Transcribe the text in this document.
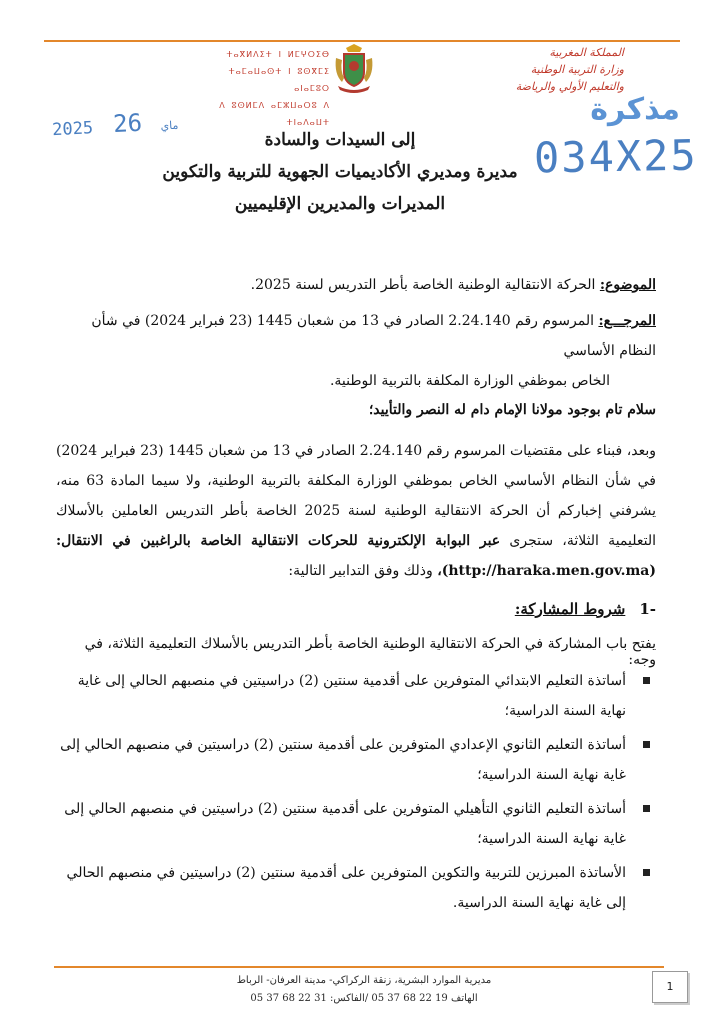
ⵜⴰⴳⵍⴷⵉⵜ ⵏ ⵍⵎⵖⵔⵉⴱ
ⵜⴰⵎⴰⵡⴰⵙⵜ ⵏ ⵓⵙⴳⵎⵉ ⴰⵏⴰⵎⵓⵔ
ⴷ ⵓⵙⵍⵎⴷ ⴰⵎⵣⵡⴰⵔⵓ ⴷ ⵜⵏⴰⴷⴰⵡⵜ
المملكة المغربية
وزارة التربية الوطنية
والتعليم الأولي والرياضة
2025	ماي 26	مذكرة
034X25
إلى السيدات والسادة
مديرة ومديري الأكاديميات الجهوية للتربية والتكوين
المديرات والمديرين الإقليميين
الموضوع: الحركة الانتقالية الوطنية الخاصة بأطر التدريس لسنة 2025.
المرجـــع: المرسوم رقم 2.24.140 الصادر في 13 من شعبان 1445 (23 فبراير 2024) في شأن النظام الأساسي
الخاص بموظفي الوزارة المكلفة بالتربية الوطنية.
سلام تام بوجود مولانا الإمام دام له النصر والتأييد؛
وبعد، فبناء على مقتضيات المرسوم رقم 2.24.140 الصادر في 13 من شعبان 1445 (23 فبراير 2024) في شأن النظام الأساسي الخاص بموظفي الوزارة المكلفة بالتربية الوطنية، ولا سيما المادة 63 منه، يشرفني إخباركم أن الحركة الانتقالية الوطنية لسنة 2025 الخاصة بأطر التدريس العاملين بالأسلاك التعليمية الثلاثة، ستجرى عبر البوابة الإلكترونية للحركات الانتقالية الخاصة بالراغبين في الانتقال: (http://haraka.men.gov.ma)، وذلك وفق التدابير التالية:
-1شروط المشاركة:
يفتح باب المشاركة في الحركة الانتقالية الوطنية الخاصة بأطر التدريس بالأسلاك التعليمية الثلاثة، في وجه:
أساتذة التعليم الابتدائي المتوفرين على أقدمية سنتين (2) دراسيتين في منصبهم الحالي إلى غاية نهاية السنة الدراسية؛
أساتذة التعليم الثانوي الإعدادي المتوفرين على أقدمية سنتين (2) دراسيتين في منصبهم الحالي إلى غاية نهاية السنة الدراسية؛
أساتذة التعليم الثانوي التأهيلي المتوفرين على أقدمية سنتين (2) دراسيتين في منصبهم الحالي إلى غاية نهاية السنة الدراسية؛
الأساتذة المبرزين للتربية والتكوين المتوفرين على أقدمية سنتين (2) دراسيتين في منصبهم الحالي إلى غاية نهاية السنة الدراسية.
مديرية الموارد البشرية، زنقة الركراكي- مدينة العرفان- الرباط
الهاتف 19 22 68 37 05 /الفاكس: 31 22 68 37 05
1
